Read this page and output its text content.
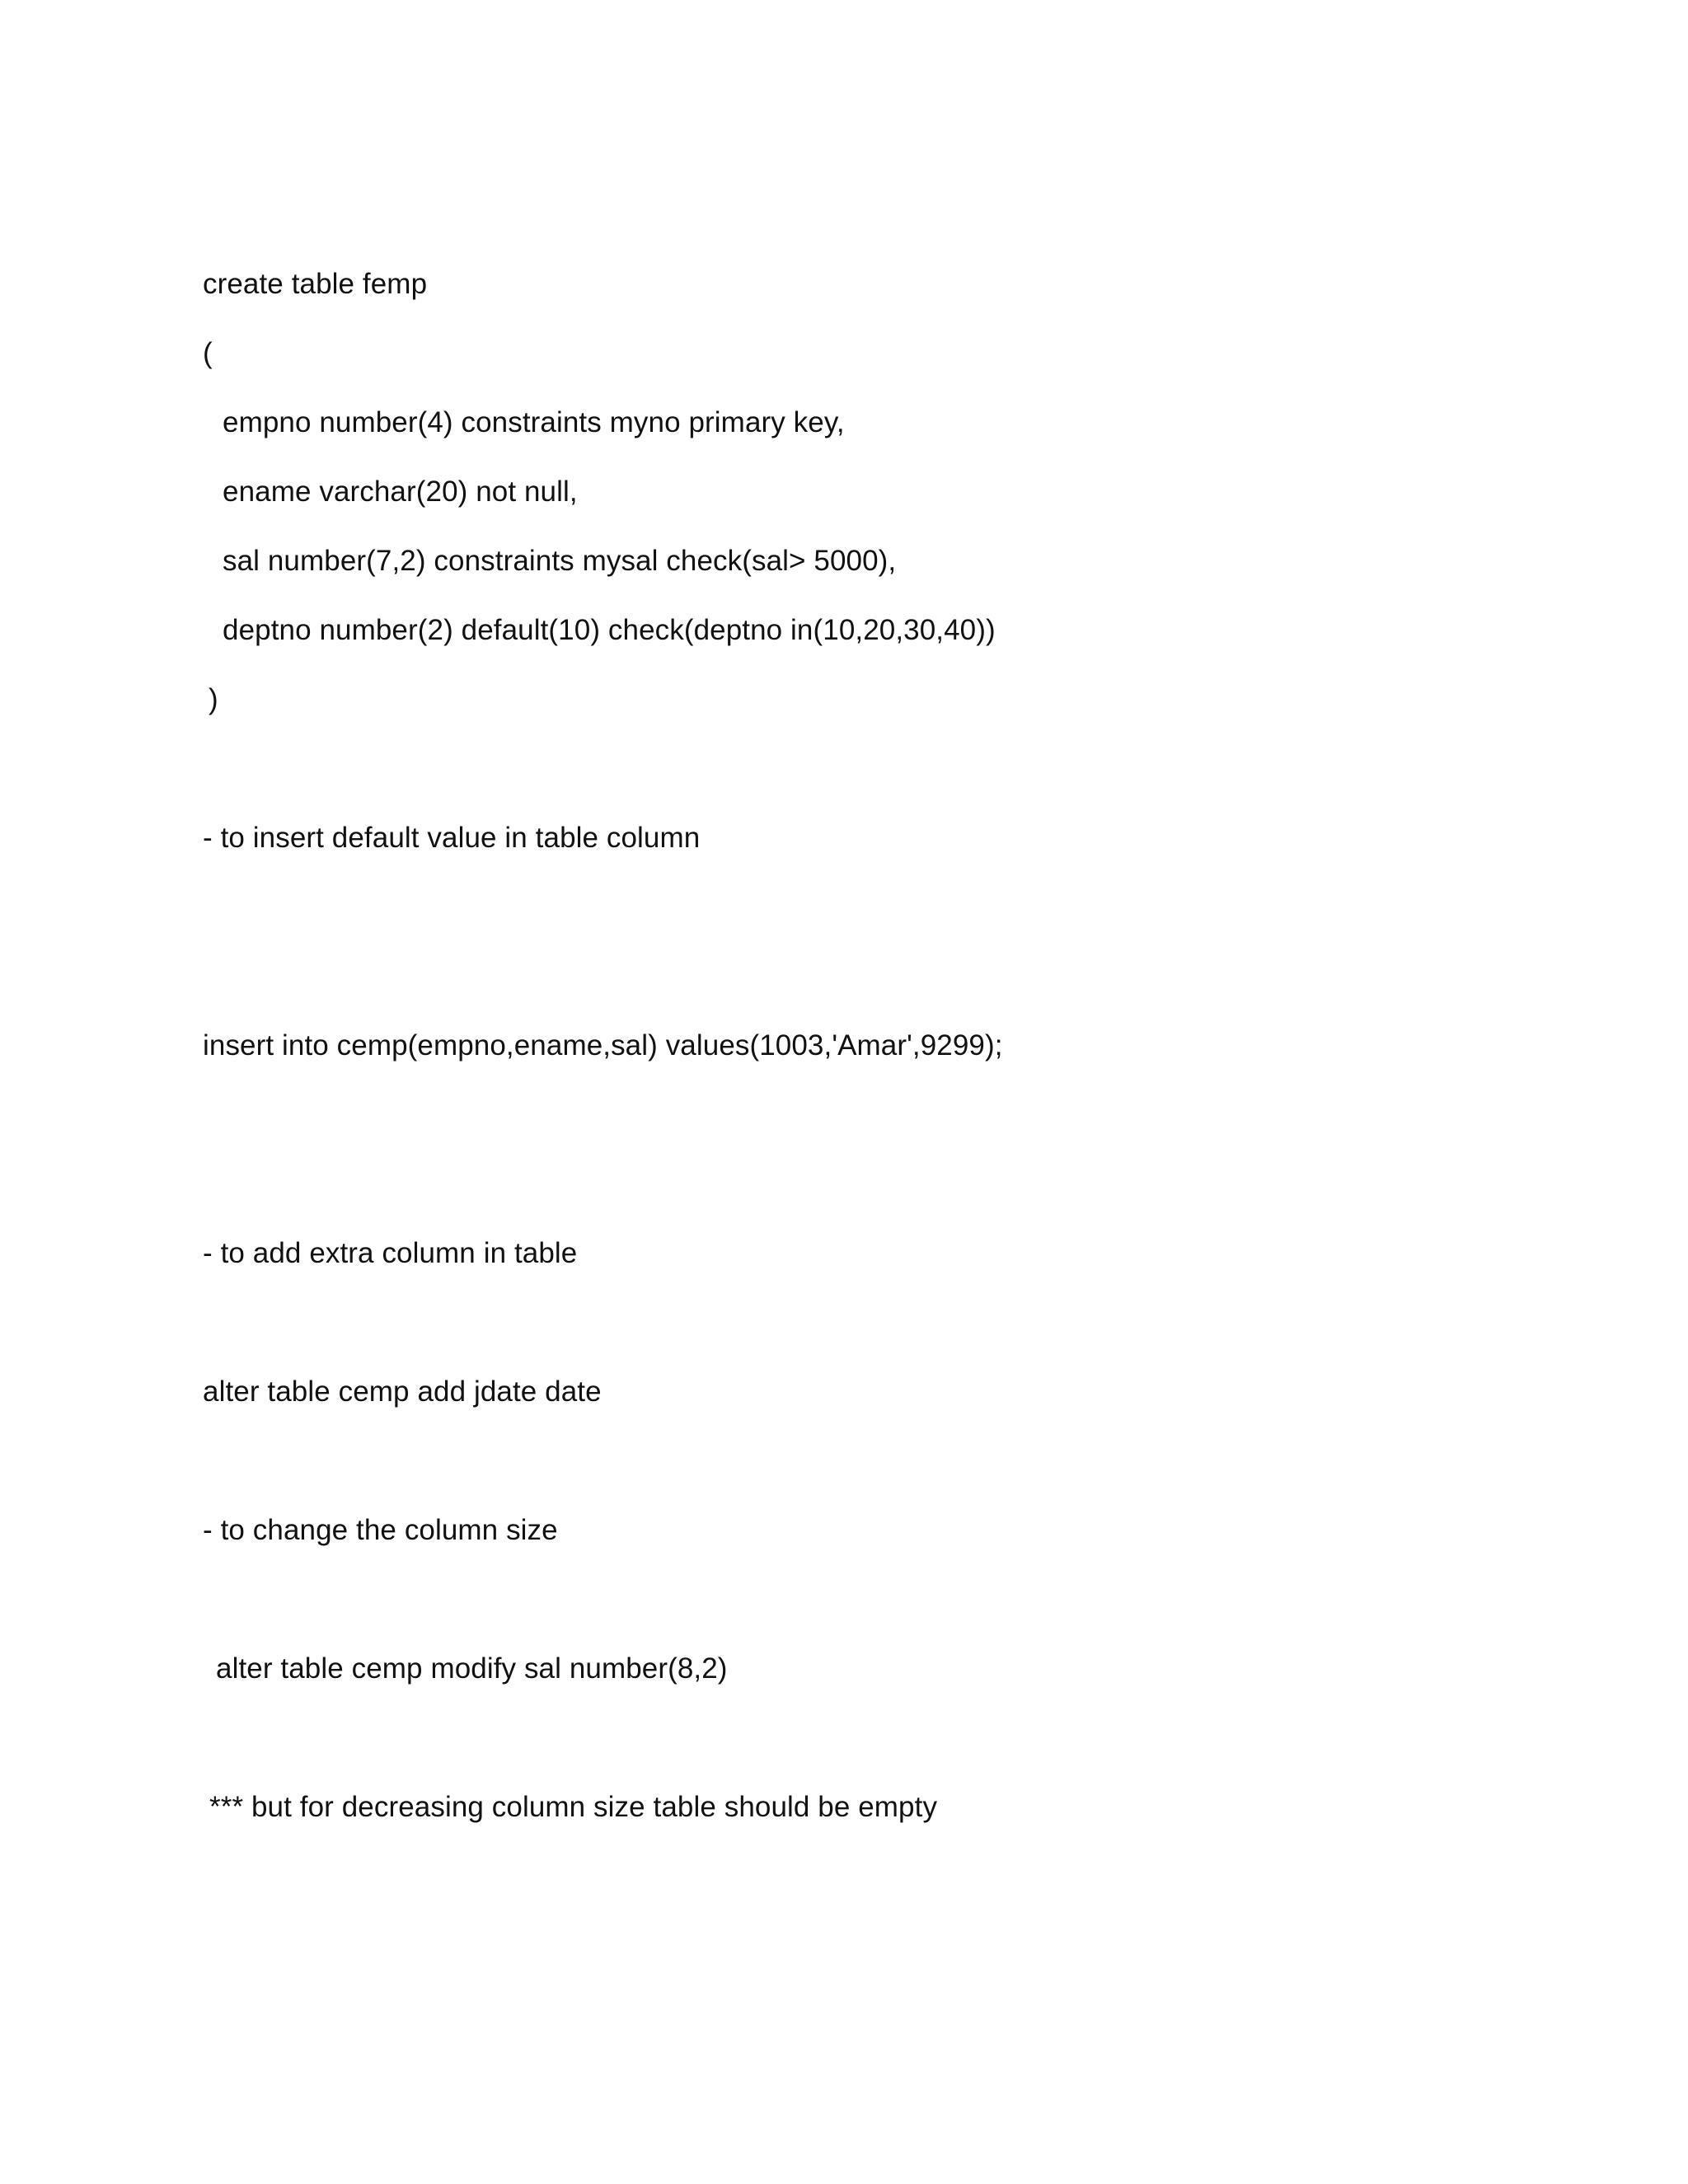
create table femp
(
empno number(4) constraints myno primary key,
ename varchar(20) not null,
sal number(7,2) constraints mysal check(sal> 5000),
deptno number(2) default(10) check(deptno in(10,20,30,40))
)
- to insert default value in table column
insert into cemp(empno,ename,sal) values(1003,'Amar',9299);
- to add extra column in table
alter table cemp add jdate date
- to change the column size
alter table cemp modify sal number(8,2)
*** but for decreasing column size table should be empty
